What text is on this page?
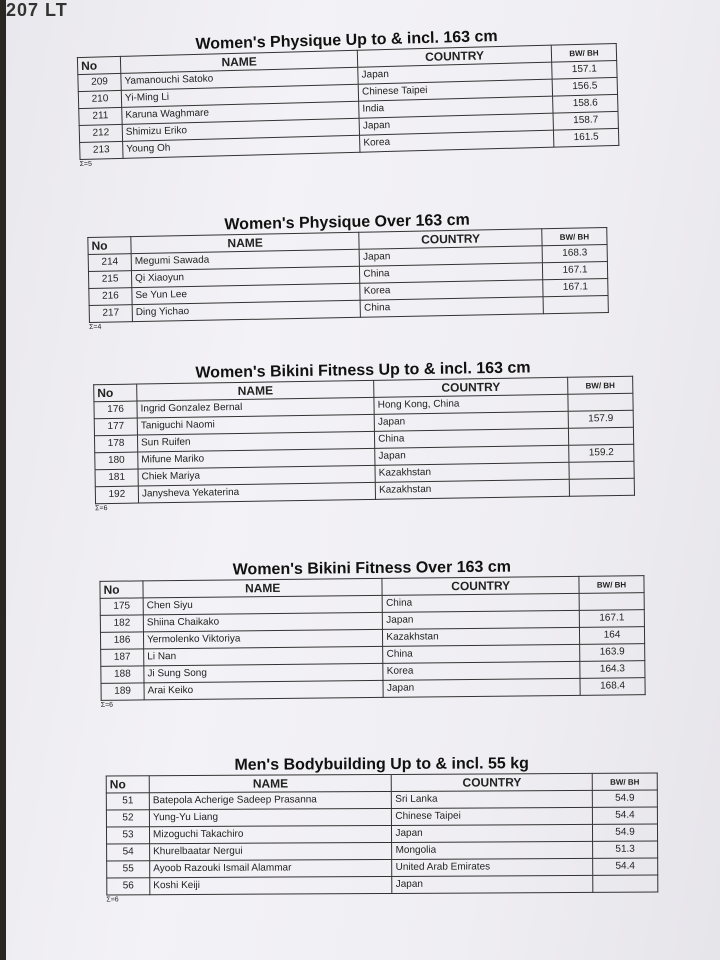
207 LT
Women's Physique Up to & incl. 163 cm
No	NAME	COUNTRY	BW/ BH
209	Yamanouchi Satoko	Japan	157.1
210	Yi-Ming Li	Chinese Taipei	156.5
211	Karuna Waghmare	India	158.6
212	Shimizu Eriko	Japan	158.7
213	Young Oh	Korea	161.5
Σ=5
Women's Physique Over 163 cm
No	NAME	COUNTRY	BW/ BH
214	Megumi Sawada	Japan	168.3
215	Qi Xiaoyun	China	167.1
216	Se Yun Lee	Korea	167.1
217	Ding Yichao	China	
Σ=4
Women's Bikini Fitness Up to & incl. 163 cm
No	NAME	COUNTRY	BW/ BH
176	Ingrid Gonzalez Bernal	Hong Kong, China	
177	Taniguchi Naomi	Japan	157.9
178	Sun Ruifen	China	
180	Mifune Mariko	Japan	159.2
181	Chiek Mariya	Kazakhstan	
192	Janysheva Yekaterina	Kazakhstan	
Σ=6
Women's Bikini Fitness Over 163 cm
No	NAME	COUNTRY	BW/ BH
175	Chen Siyu	China	
182	Shiina Chaikako	Japan	167.1
186	Yermolenko Viktoriya	Kazakhstan	164
187	Li Nan	China	163.9
188	Ji Sung Song	Korea	164.3
189	Arai Keiko	Japan	168.4
Σ=6
Men's Bodybuilding Up to & incl. 55 kg
No	NAME	COUNTRY	BW/ BH
51	Batepola Acherige Sadeep Prasanna	Sri Lanka	54.9
52	Yung-Yu Liang	Chinese Taipei	54.4
53	Mizoguchi Takachiro	Japan	54.9
54	Khurelbaatar Nergui	Mongolia	51.3
55	Ayoob Razouki Ismail Alammar	United Arab Emirates	54.4
56	Koshi Keiji	Japan	
Σ=6
